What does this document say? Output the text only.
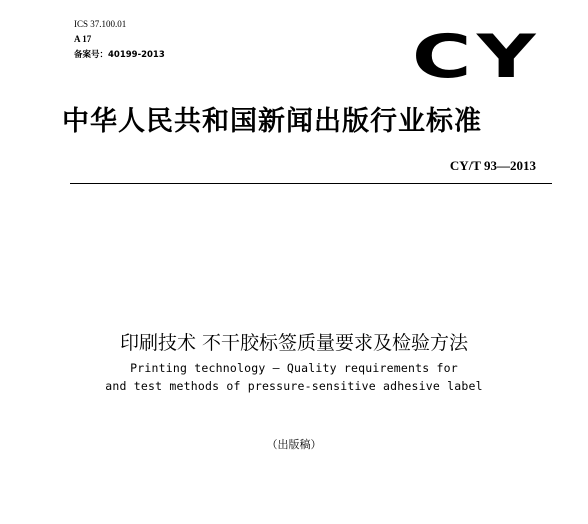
ICS 37.100.01
A 17
备案号：40199-2013	CY
中华人民共和国新闻出版行业标准
CY/T 93—2013
印刷技术 不干胶标签质量要求及检验方法
Printing technology — Quality requirements for
and test methods of pressure-sensitive adhesive label
（出版稿）
